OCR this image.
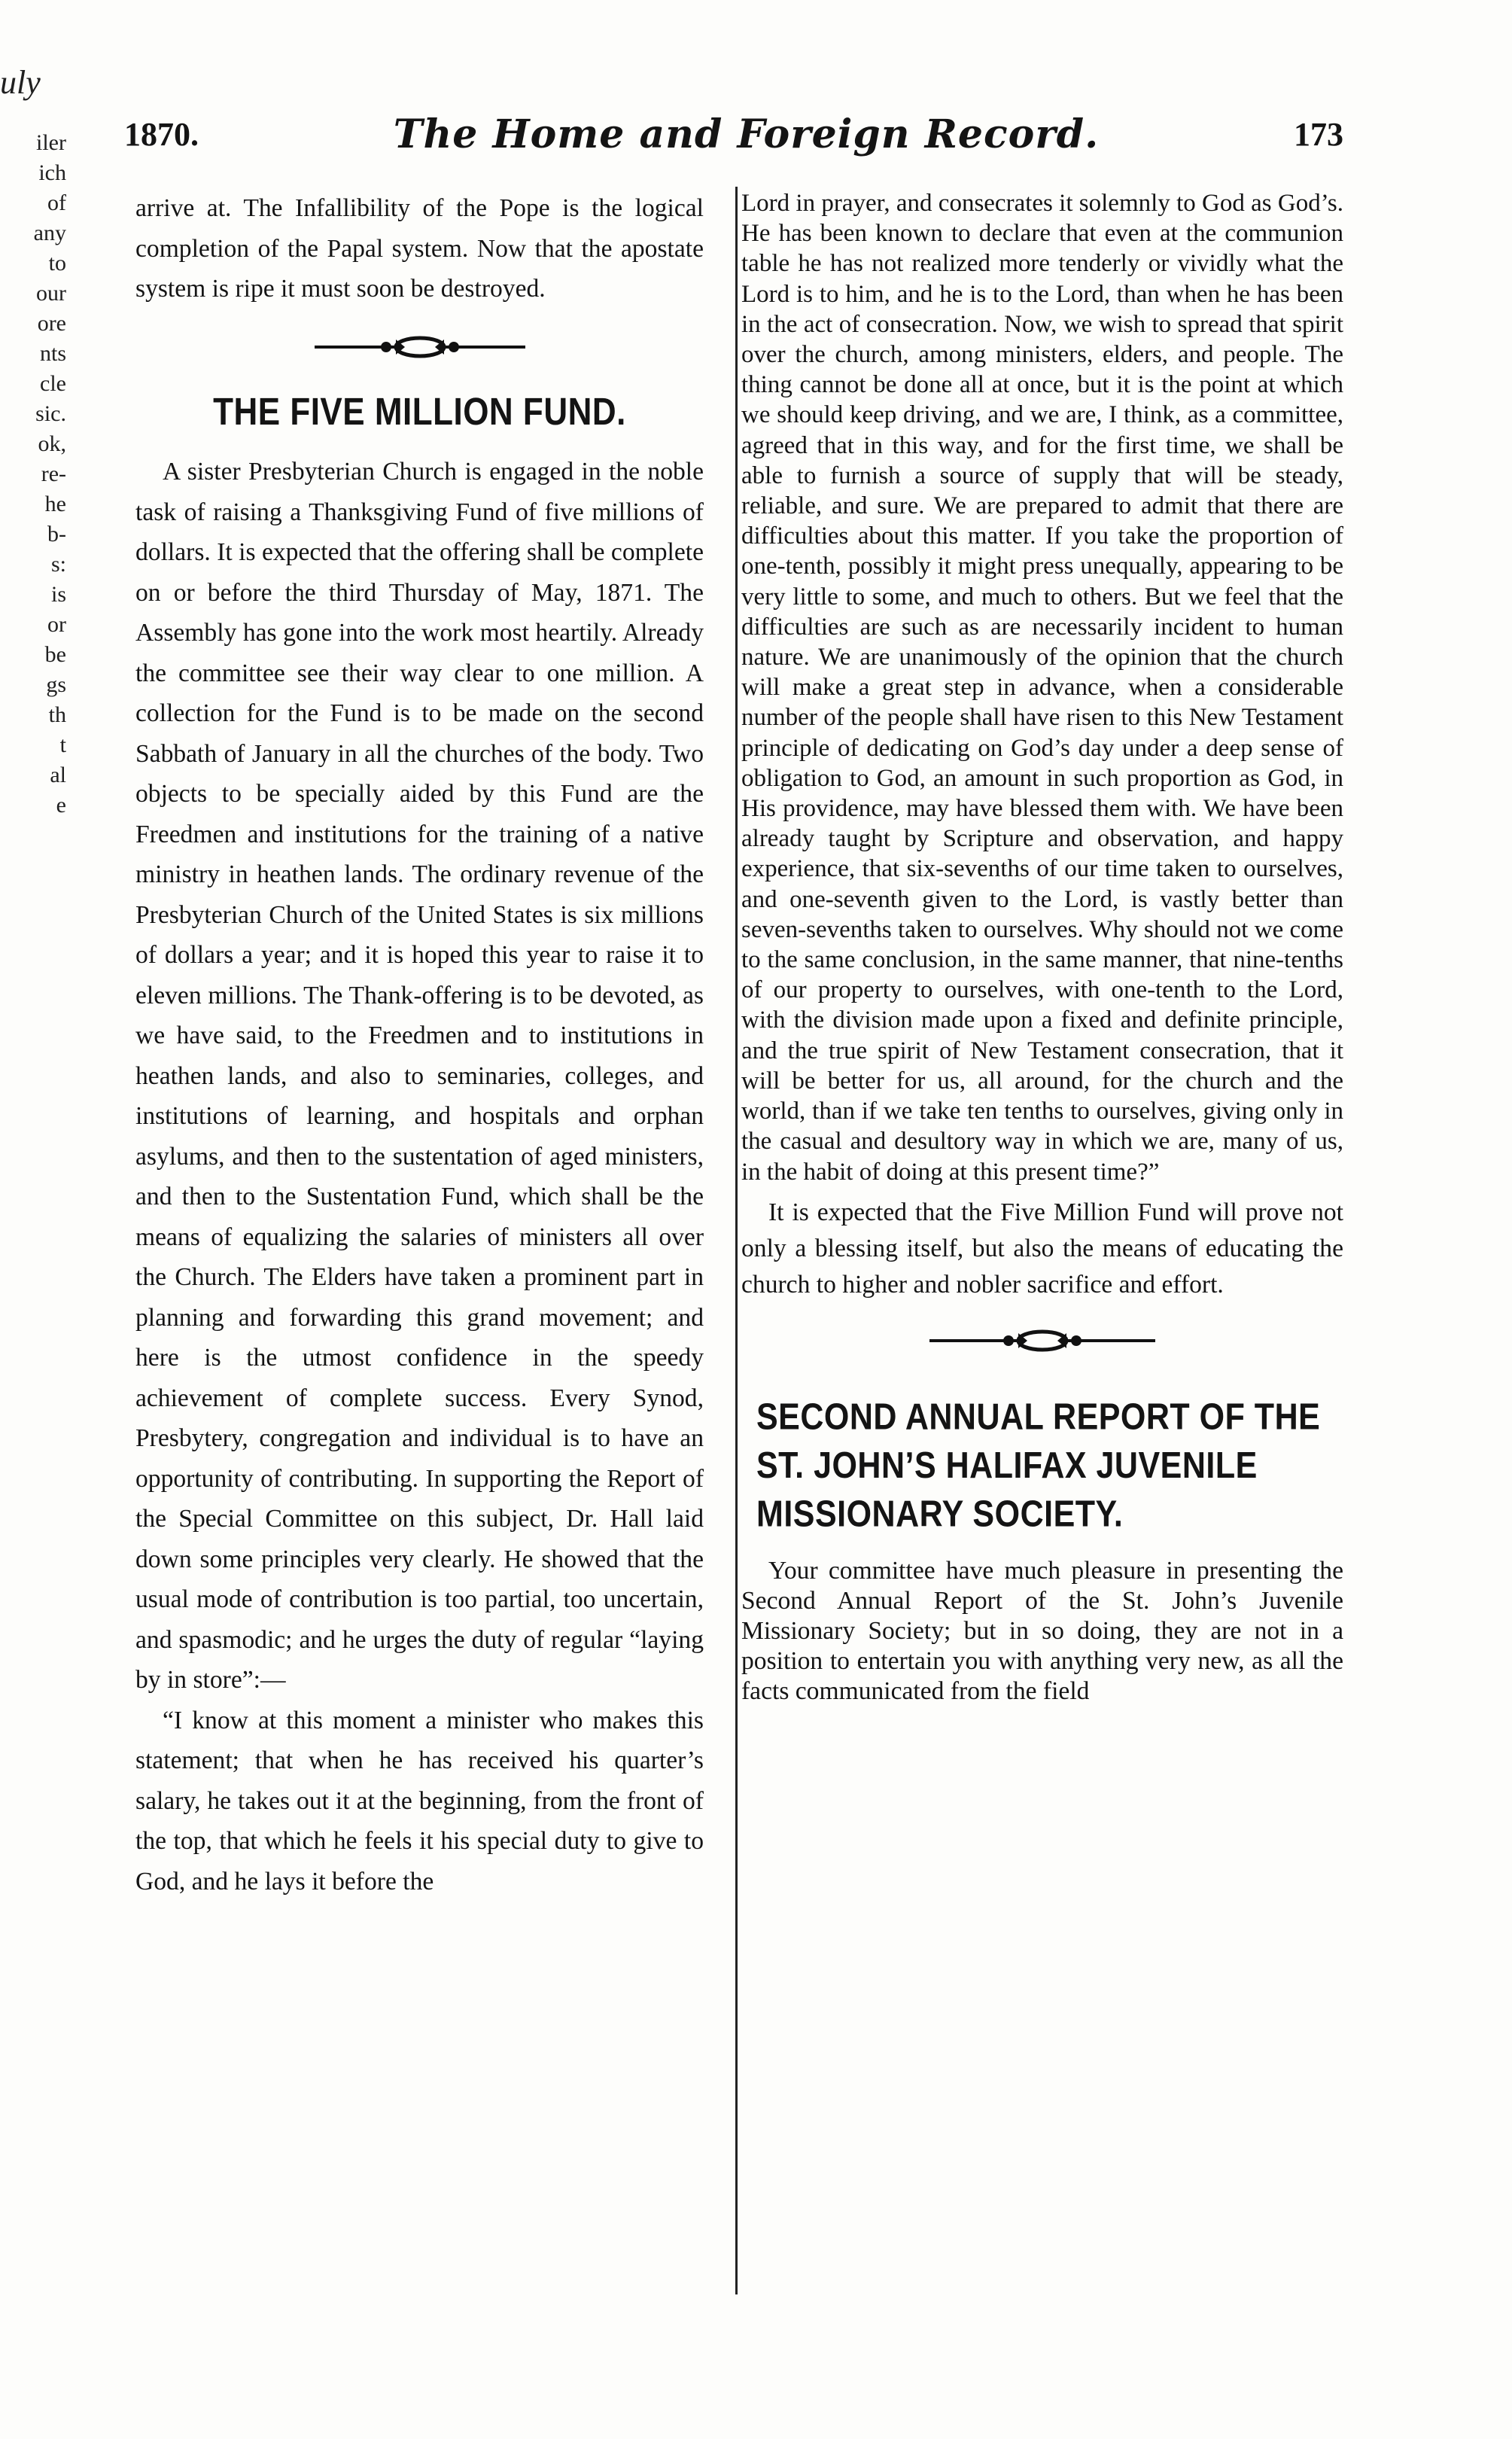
uly
iler
ich
of
any
to
our
ore
nts
cle
sic.
ok,
re-
he
b-
s:
is
or
be
gs
th
t
al
e
1870.	The Home and Foreign Record.	173

arrive at. The Infallibility of the Pope is the logical completion of the Papal system. Now that the apostate system is ripe it must soon be destroyed.

THE FIVE MILLION FUND.

A sister Presbyterian Church is engaged in the noble task of raising a Thanksgiving Fund of five millions of dollars. It is expected that the offering shall be complete on or before the third Thursday of May, 1871. The Assembly has gone into the work most heartily. Already the committee see their way clear to one million. A collection for the Fund is to be made on the second Sabbath of January in all the churches of the body. Two objects to be specially aided by this Fund are the Freedmen and institutions for the training of a native ministry in heathen lands. The ordinary revenue of the Presbyterian Church of the United States is six millions of dollars a year; and it is hoped this year to raise it to eleven millions. The Thank-offering is to be devoted, as we have said, to the Freedmen and to institutions in heathen lands, and also to seminaries, colleges, and institutions of learning, and hospitals and orphan asylums, and then to the sustentation of aged ministers, and then to the Sustentation Fund, which shall be the means of equalizing the salaries of ministers all over the Church. The Elders have taken a prominent part in planning and forwarding this grand movement; and here is the utmost confidence in the speedy achievement of complete success. Every Synod, Presbytery, congregation and individual is to have an opportunity of contributing. In supporting the Report of the Special Committee on this subject, Dr. Hall laid down some principles very clearly. He showed that the usual mode of contribution is too partial, too uncertain, and spasmodic; and he urges the duty of regular “laying by in store”:—

“I know at this moment a minister who makes this statement; that when he has received his quarter’s salary, he takes out it at the beginning, from the front of the top, that which he feels it his special duty to give to God, and he lays it before the

Lord in prayer, and consecrates it solemnly to God as God’s. He has been known to declare that even at the communion table he has not realized more tenderly or vividly what the Lord is to him, and he is to the Lord, than when he has been in the act of consecration. Now, we wish to spread that spirit over the church, among ministers, elders, and people. The thing cannot be done all at once, but it is the point at which we should keep driving, and we are, I think, as a committee, agreed that in this way, and for the first time, we shall be able to furnish a source of supply that will be steady, reliable, and sure. We are prepared to admit that there are difficulties about this matter. If you take the proportion of one-tenth, possibly it might press unequally, appearing to be very little to some, and much to others. But we feel that the difficulties are such as are necessarily incident to human nature. We are unanimously of the opinion that the church will make a great step in advance, when a considerable number of the people shall have risen to this New Testament principle of dedicating on God’s day under a deep sense of obligation to God, an amount in such proportion as God, in His providence, may have blessed them with. We have been already taught by Scripture and observation, and happy experience, that six-sevenths of our time taken to ourselves, and one-seventh given to the Lord, is vastly better than seven-sevenths taken to ourselves. Why should not we come to the same conclusion, in the same manner, that nine-tenths of our property to ourselves, with one-tenth to the Lord, with the division made upon a fixed and definite principle, and the true spirit of New Testament consecration, that it will be better for us, all around, for the church and the world, than if we take ten tenths to ourselves, giving only in the casual and desultory way in which we are, many of us, in the habit of doing at this present time?”

It is expected that the Five Million Fund will prove not only a blessing itself, but also the means of educating the church to higher and nobler sacrifice and effort.

SECOND ANNUAL REPORT OF THE ST. JOHN’S HALIFAX JUVENILE MISSIONARY SOCIETY.

Your committee have much pleasure in presenting the Second Annual Report of the St. John’s Juvenile Missionary Society; but in so doing, they are not in a position to entertain you with anything very new, as all the facts communicated from the field
